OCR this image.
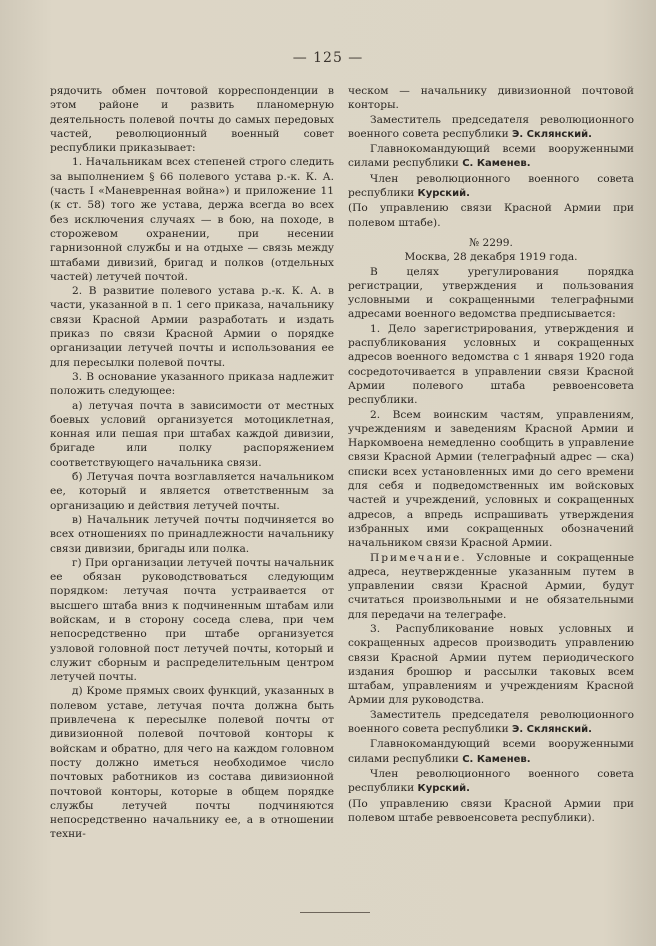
— 125 —

рядочить обмен почтовой корреспонденции в этом районе и развить планомерную деятельность полевой почты до самых передовых частей, революционный военный совет республики приказывает:

1. Начальникам всех степеней строго следить за выполнением § 66 полевого устава р.-к. К. А. (часть I «Маневренная война») и приложение 11 (к ст. 58) того же устава, держа всегда во всех без исключения случаях — в бою, на походе, в сторожевом охранении, при несении гарнизонной службы и на отдыхе — связь между штабами дивизий, бригад и полков (отдельных частей) летучей почтой.

2. В развитие полевого устава р.-к. К. А. в части, указанной в п. 1 сего приказа, начальнику связи Красной Армии разработать и издать приказ по связи Красной Армии о порядке организации летучей почты и использования ее для пересылки полевой почты.

3. В основание указанного приказа надлежит положить следующее:

а) летучая почта в зависимости от местных боевых условий организуется мотоциклетная, конная или пешая при штабах каждой дивизии, бригаде или полку распоряжением соответствующего начальника связи.

б) Летучая почта возглавляется начальником ее, который и является ответственным за организацию и действия летучей почты.

в) Начальник летучей почты подчиняется во всех отношениях по принадлежности начальнику связи дивизии, бригады или полка.

г) При организации летучей почты начальник ее обязан руководствоваться следующим порядком: летучая почта устраивается от высшего штаба вниз к подчиненным штабам или войскам, и в сторону соседа слева, при чем непосредственно при штабе организуется узловой головной пост летучей почты, который и служит сборным и распределительным центром летучей почты.

д) Кроме прямых своих функций, указанных в полевом уставе, летучая почта должна быть привлечена к пересылке полевой почты от дивизионной полевой почтовой конторы к войскам и обратно, для чего на каждом головном посту должно иметься необходимое число почтовых работников из состава дивизионной почтовой конторы, которые в общем порядке службы летучей почты подчиняются непосредственно начальнику ее, а в отношении техни-

ческом — начальнику дивизионной почтовой конторы.

Заместитель председателя революционного военного совета республики Э. Склянский.

Главнокомандующий всеми вооруженными силами республики С. Каменев.

Член революционного военного совета республики Курский.

(По управлению связи Красной Армии при полевом штабе).

№ 2299.

Москва, 28 декабря 1919 года.

В целях урегулирования порядка регистрации, утверждения и пользования условными и сокращенными телеграфными адресами военного ведомства предписывается:

1. Дело зарегистрирования, утверждения и распубликования условных и сокращенных адресов военного ведомства с 1 января 1920 года сосредоточивается в управлении связи Красной Армии полевого штаба реввоенсовета республики.

2. Всем воинским частям, управлениям, учреждениям и заведениям Красной Армии и Наркомвоена немедленно сообщить в управление связи Красной Армии (телеграфный адрес — ска) списки всех установленных ими до сего времени для себя и подведомственных им войсковых частей и учреждений, условных и сокращенных адресов, а впредь испрашивать утверждения избранных ими сокращенных обозначений начальником связи Красной Армии.

Примечание. Условные и сокращенные адреса, неутвержденные указанным путем в управлении связи Красной Армии, будут считаться произвольными и не обязательными для передачи на телеграфе.

3. Распубликование новых условных и сокращенных адресов производить управлению связи Красной Армии путем периодического издания брошюр и рассылки таковых всем штабам, управлениям и учреждениям Красной Армии для руководства.

Заместитель председателя революционного военного совета республики Э. Склянский.

Главнокомандующий всеми вооруженными силами республики С. Каменев.

Член революционного военного совета республики Курский.

(По управлению связи Красной Армии при полевом штабе реввоенсовета республики).
